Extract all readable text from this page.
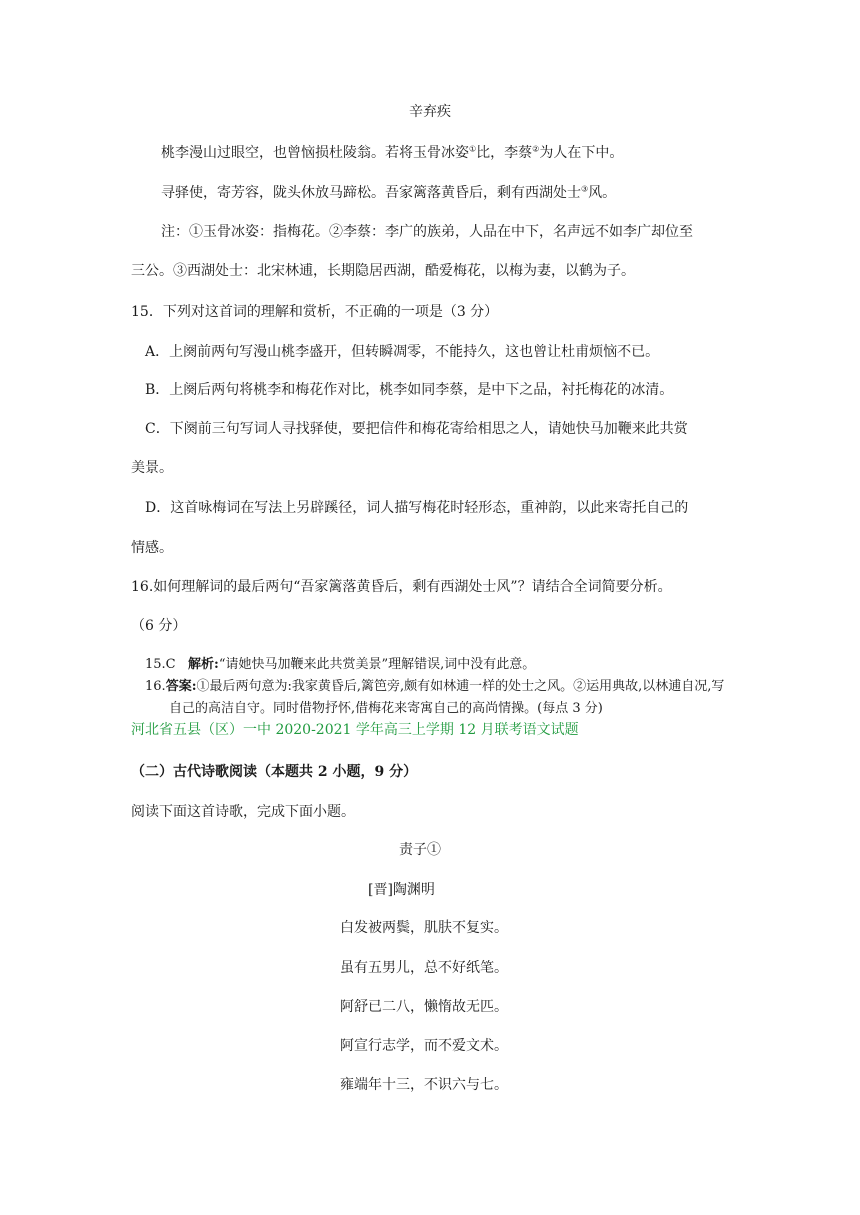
辛弃疾
桃李漫山过眼空，也曾恼损杜陵翁。若将玉骨冰姿①比，李蔡②为人在下中。
寻驿使，寄芳容，陇头休放马蹄松。吾家篱落黄昏后，剩有西湖处士③风。
注：①玉骨冰姿：指梅花。②李蔡：李广的族弟，人品在中下，名声远不如李广却位至
三公。③西湖处士：北宋林逋，长期隐居西湖，酷爱梅花，以梅为妻，以鹤为子。
15．下列对这首词的理解和赏析，不正确的一项是（3 分）
A．上阕前两句写漫山桃李盛开，但转瞬凋零，不能持久，这也曾让杜甫烦恼不已。
B．上阕后两句将桃李和梅花作对比，桃李如同李蔡，是中下之品，衬托梅花的冰清。
C．下阕前三句写词人寻找驿使，要把信件和梅花寄给相思之人，请她快马加鞭来此共赏
美景。
D．这首咏梅词在写法上另辟蹊径，词人描写梅花时轻形态，重神韵，以此来寄托自己的
情感。
16.如何理解词的最后两句“吾家篱落黄昏后，剩有西湖处士风”？请结合全词简要分析。
（6 分）
15.C 解析:“请她快马加鞭来此共赏美景”理解错误,词中没有此意。
16.答案:①最后两句意为:我家黄昏后,篱笆旁,颇有如林逋一样的处士之风。②运用典故,以林逋自况,写
自己的高洁自守。同时借物抒怀,借梅花来寄寓自己的高尚情操。(每点 3 分)
河北省五县（区）一中 2020-2021 学年高三上学期 12 月联考语文试题
（二）古代诗歌阅读（本题共 2 小题，9 分）
阅读下面这首诗歌，完成下面小题。
责子①
[晋]陶渊明
白发被两鬓，肌肤不复实。
虽有五男儿，总不好纸笔。
阿舒已二八，懒惰故无匹。
阿宣行志学，而不爱文术。
雍端年十三，不识六与七。
